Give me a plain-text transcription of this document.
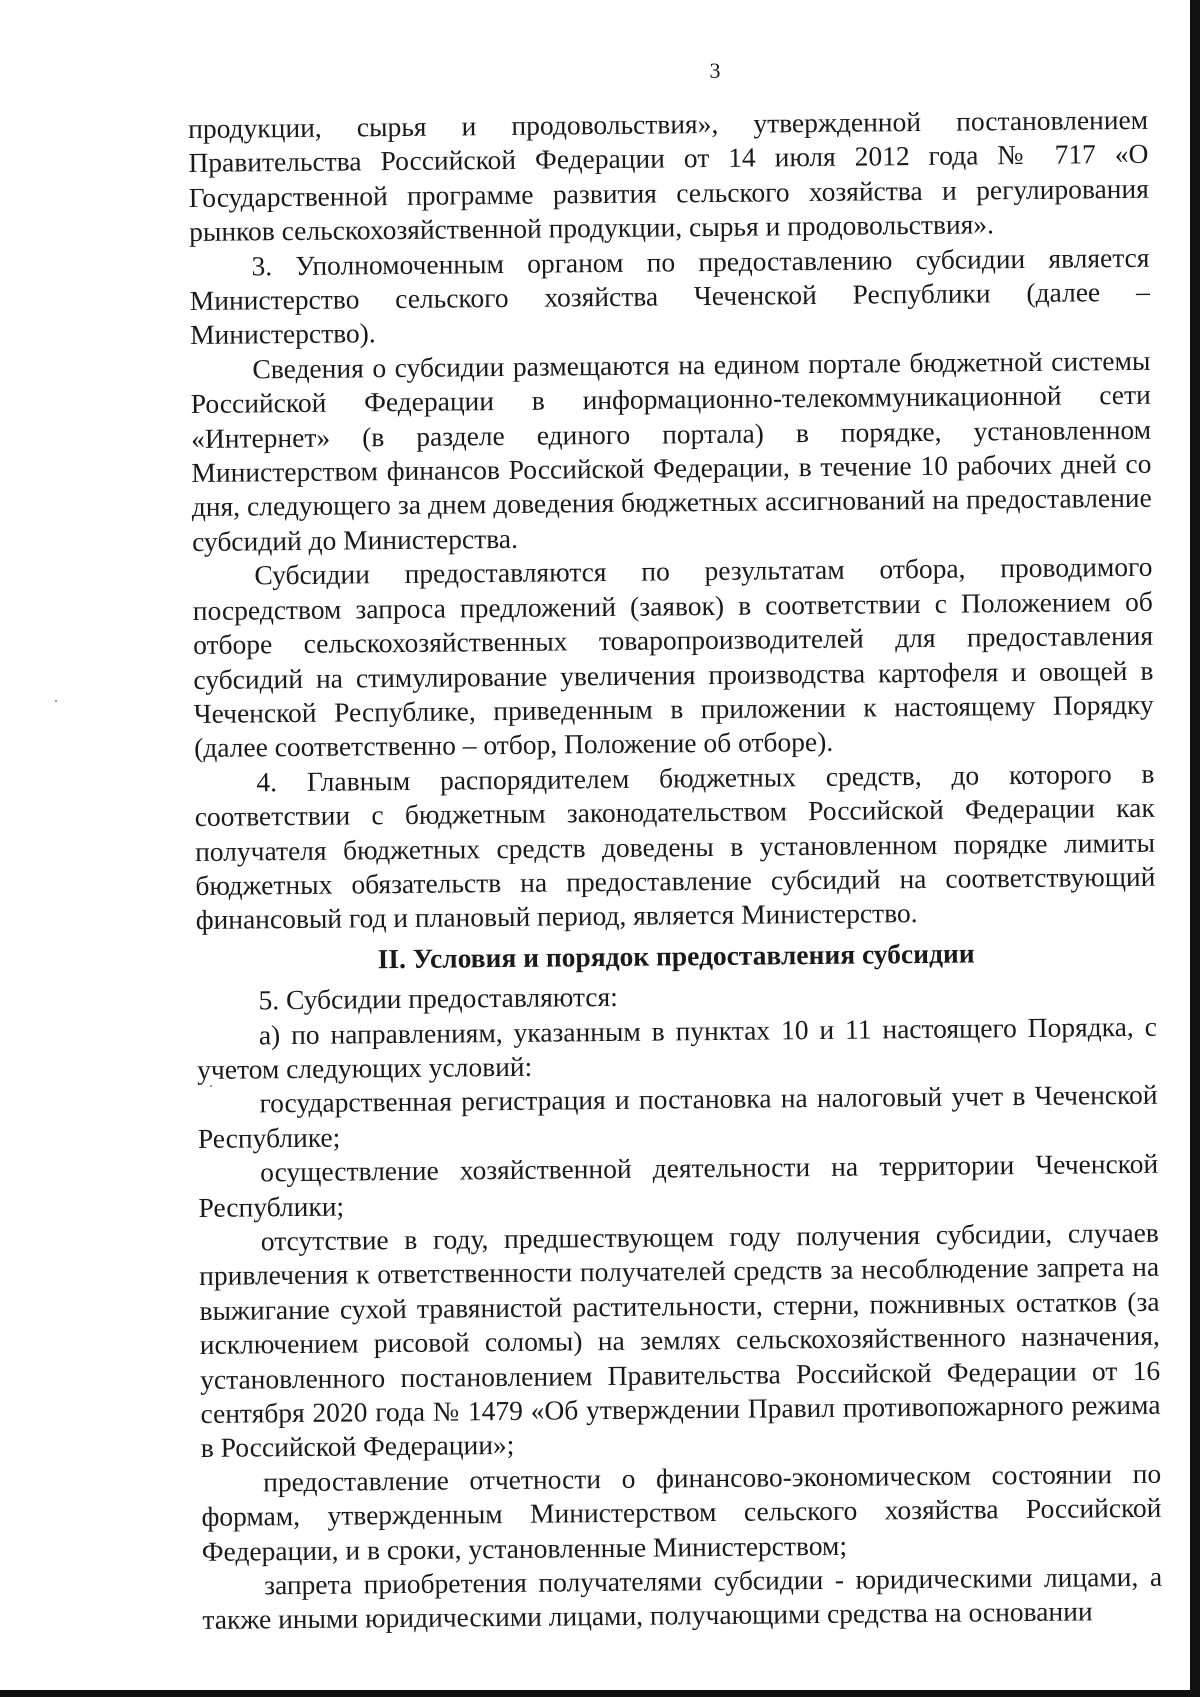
3

продукции, сырья и продовольствия», утвержденной постановлением Правительства Российской Федерации от 14 июля 2012 года № 717 «О Государственной программе развития сельского хозяйства и регулирования рынков сельскохозяйственной продукции, сырья и продовольствия».

3. Уполномоченным органом по предоставлению субсидии является Министерство сельского хозяйства Чеченской Республики (далее – Министерство).

Сведения о субсидии размещаются на едином портале бюджетной системы Российской Федерации в информационно-телекоммуникационной сети «Интернет» (в разделе единого портала) в порядке, установленном Министерством финансов Российской Федерации, в течение 10 рабочих дней со дня, следующего за днем доведения бюджетных ассигнований на предоставление субсидий до Министерства.

Субсидии предоставляются по результатам отбора, проводимого посредством запроса предложений (заявок) в соответствии с Положением об отборе сельскохозяйственных товаропроизводителей для предоставления субсидий на стимулирование увеличения производства картофеля и овощей в Чеченской Республике, приведенным в приложении к настоящему Порядку (далее соответственно – отбор, Положение об отборе).

4. Главным распорядителем бюджетных средств, до которого в соответствии с бюджетным законодательством Российской Федерации как получателя бюджетных средств доведены в установленном порядке лимиты бюджетных обязательств на предоставление субсидий на соответствующий финансовый год и плановый период, является Министерство.

II. Условия и порядок предоставления субсидии

5. Субсидии предоставляются:

а) по направлениям, указанным в пунктах 10 и 11 настоящего Порядка, с учетом следующих условий:

государственная регистрация и постановка на налоговый учет в Чеченской Республике;

осуществление хозяйственной деятельности на территории Чеченской Республики;

отсутствие в году, предшествующем году получения субсидии, случаев привлечения к ответственности получателей средств за несоблюдение запрета на выжигание сухой травянистой растительности, стерни, пожнивных остатков (за исключением рисовой соломы) на землях сельскохозяйственного назначения, установленного постановлением Правительства Российской Федерации от 16 сентября 2020 года № 1479 «Об утверждении Правил противопожарного режима в Российской Федерации»;

предоставление отчетности о финансово-экономическом состоянии по формам, утвержденным Министерством сельского хозяйства Российской Федерации, и в сроки, установленные Министерством;

запрета приобретения получателями субсидии - юридическими лицами, а также иными юридическими лицами, получающими средства на основании
